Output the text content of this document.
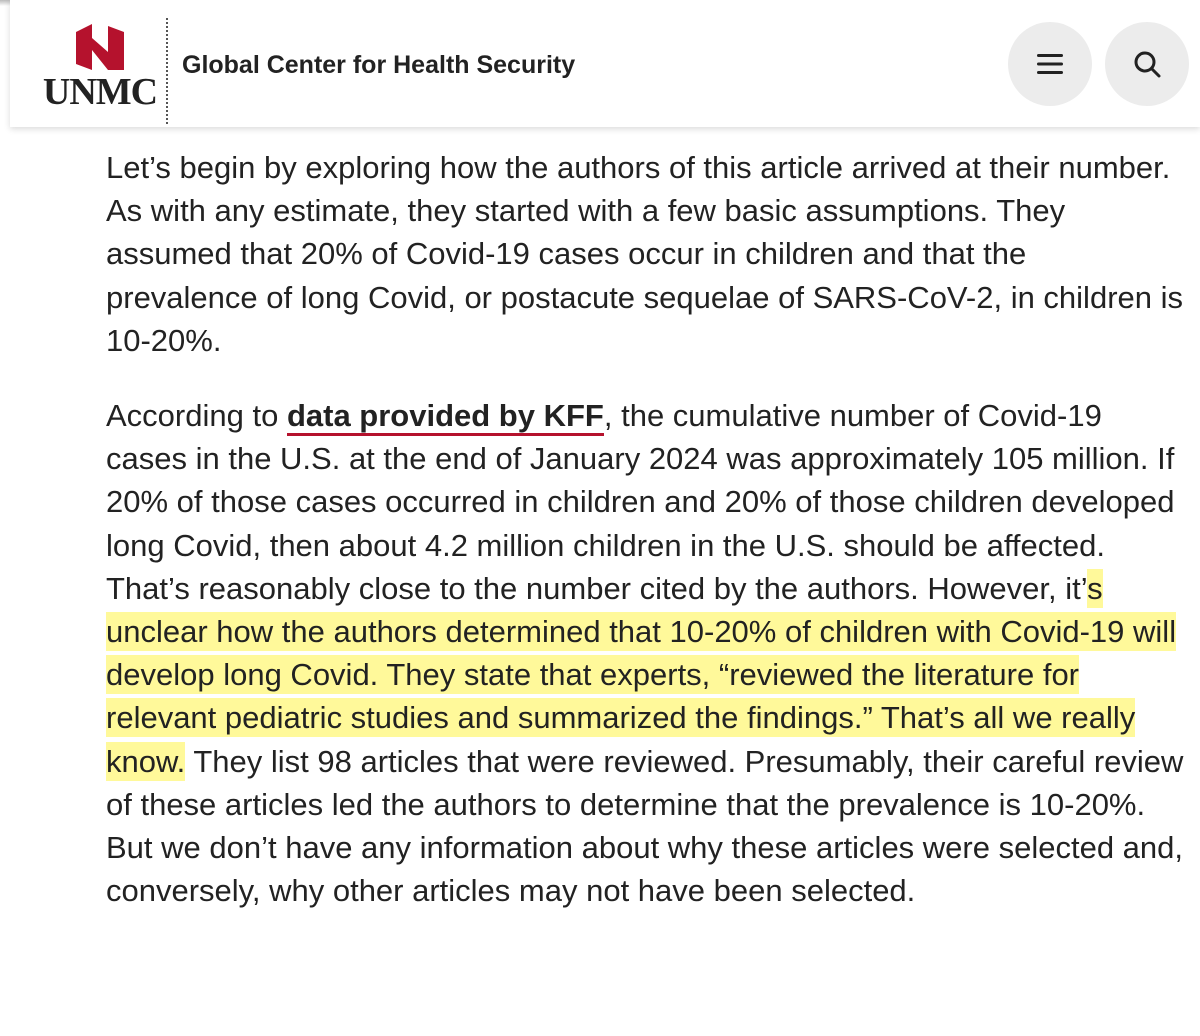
UNMC
Global Center for Health Security

Let’s begin by exploring how the authors of this article arrived at their number. As with any estimate, they started with a few basic assumptions. They assumed that 20% of Covid-19 cases occur in children and that the prevalence of long Covid, or postacute sequelae of SARS-CoV-2, in children is 10-20%.

According to data provided by KFF, the cumulative number of Covid-19 cases in the U.S. at the end of January 2024 was approximately 105 million. If 20% of those cases occurred in children and 20% of those children developed long Covid, then about 4.2 million children in the U.S. should be affected. That’s reasonably close to the number cited by the authors. However, it’s unclear how the authors determined that 10-20% of children with Covid-19 will develop long Covid. They state that experts, “reviewed the literature for relevant pediatric studies and summarized the findings.” That’s all we really know. They list 98 articles that were reviewed. Presumably, their careful review of these articles led the authors to determine that the prevalence is 10-20%. But we don’t have any information about why these articles were selected and, conversely, why other articles may not have been selected.
